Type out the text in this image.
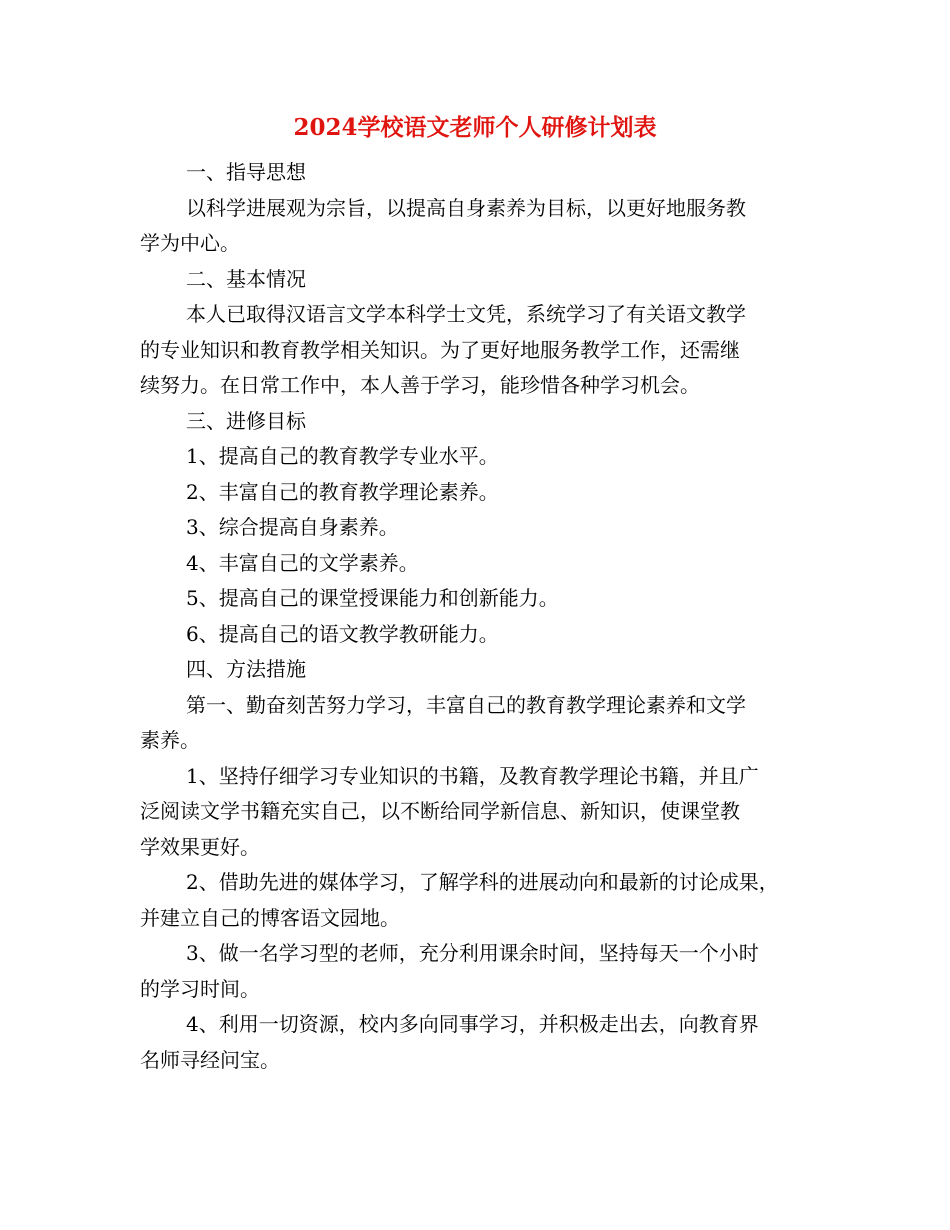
2024学校语文老师个人研修计划表

一、指导思想

以科学进展观为宗旨，以提高自身素养为目标，以更好地服务教

学为中心。

二、基本情况

本人已取得汉语言文学本科学士文凭，系统学习了有关语文教学

的专业知识和教育教学相关知识。为了更好地服务教学工作，还需继

续努力。在日常工作中，本人善于学习，能珍惜各种学习机会。

三、进修目标

1、提高自己的教育教学专业水平。

2、丰富自己的教育教学理论素养。

3、综合提高自身素养。

4、丰富自己的文学素养。

5、提高自己的课堂授课能力和创新能力。

6、提高自己的语文教学教研能力。

四、方法措施

第一、勤奋刻苦努力学习，丰富自己的教育教学理论素养和文学

素养。

1、坚持仔细学习专业知识的书籍，及教育教学理论书籍，并且广

泛阅读文学书籍充实自己，以不断给同学新信息、新知识，使课堂教

学效果更好。

2、借助先进的媒体学习，了解学科的进展动向和最新的讨论成果，

并建立自己的博客语文园地。

3、做一名学习型的老师，充分利用课余时间，坚持每天一个小时

的学习时间。

4、利用一切资源，校内多向同事学习，并积极走出去，向教育界

名师寻经问宝。
